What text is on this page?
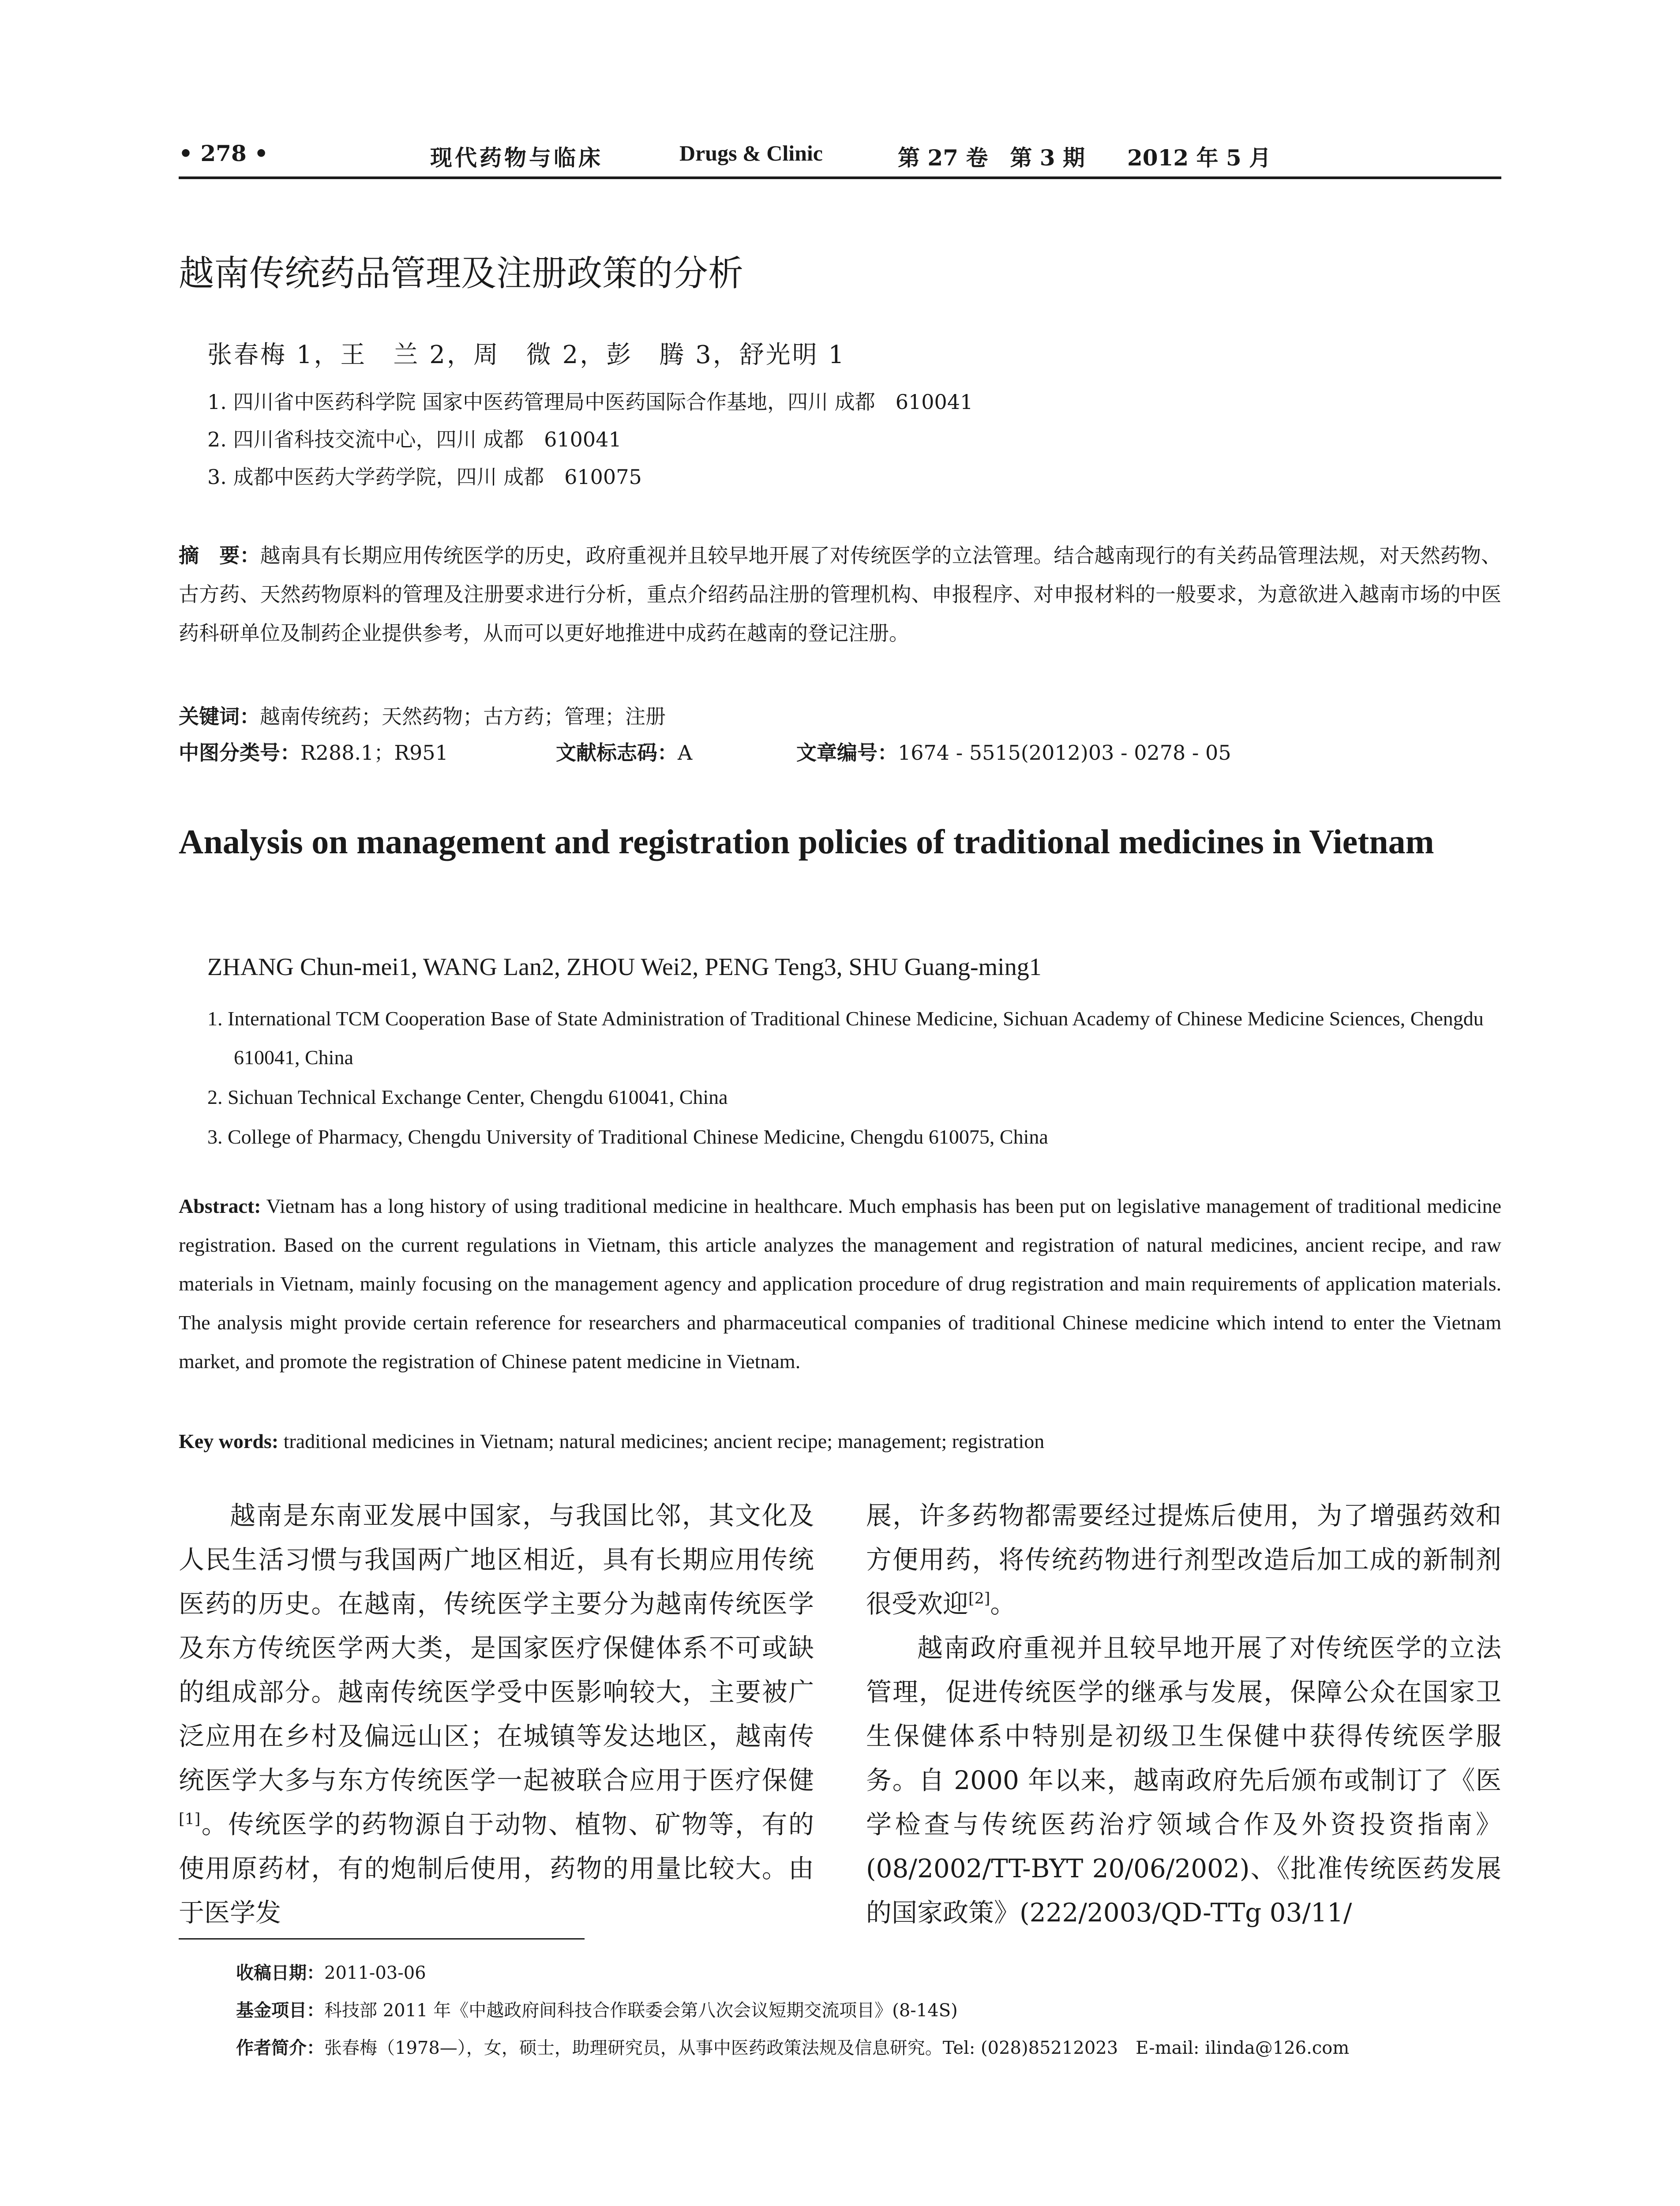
• 278 •	现代药物与临床	Drugs & Clinic	第 27 卷　第 3 期 2012 年 5 月
越南传统药品管理及注册政策的分析
张春梅 1，王　兰 2，周　微 2，彭　腾 3，舒光明 1
1. 四川省中医药科学院 国家中医药管理局中医药国际合作基地，四川 成都　610041
2. 四川省科技交流中心，四川 成都　610041
3. 成都中医药大学药学院，四川 成都　610075
摘　要：越南具有长期应用传统医学的历史，政府重视并且较早地开展了对传统医学的立法管理。结合越南现行的有关药品管理法规，对天然药物、古方药、天然药物原料的管理及注册要求进行分析，重点介绍药品注册的管理机构、申报程序、对申报材料的一般要求，为意欲进入越南市场的中医药科研单位及制药企业提供参考，从而可以更好地推进中成药在越南的登记注册。
关键词：越南传统药；天然药物；古方药；管理；注册
中图分类号：R288.1；R951	文献标志码：A	文章编号：1674 - 5515(2012)03 - 0278 - 05
Analysis on management and registration policies of traditional medicines in Vietnam
ZHANG Chun-mei1, WANG Lan2, ZHOU Wei2, PENG Teng3, SHU Guang-ming1
1. International TCM Cooperation Base of State Administration of Traditional Chinese Medicine, Sichuan Academy of Chinese Medicine Sciences, Chengdu 610041, China
2. Sichuan Technical Exchange Center, Chengdu 610041, China
3. College of Pharmacy, Chengdu University of Traditional Chinese Medicine, Chengdu 610075, China
Abstract: Vietnam has a long history of using traditional medicine in healthcare. Much emphasis has been put on legislative management of traditional medicine registration. Based on the current regulations in Vietnam, this article analyzes the management and registration of natural medicines, ancient recipe, and raw materials in Vietnam, mainly focusing on the management agency and application procedure of drug registration and main requirements of application materials. The analysis might provide certain reference for researchers and pharmaceutical companies of traditional Chinese medicine which intend to enter the Vietnam market, and promote the registration of Chinese patent medicine in Vietnam.
Key words: traditional medicines in Vietnam; natural medicines; ancient recipe; management; registration

越南是东南亚发展中国家，与我国比邻，其文化及人民生活习惯与我国两广地区相近，具有长期应用传统医药的历史。在越南，传统医学主要分为越南传统医学及东方传统医学两大类，是国家医疗保健体系不可或缺的组成部分。越南传统医学受中医影响较大，主要被广泛应用在乡村及偏远山区；在城镇等发达地区，越南传统医学大多与东方传统医学一起被联合应用于医疗保健[1]。传统医学的药物源自于动物、植物、矿物等，有的使用原药材，有的炮制后使用，药物的用量比较大。由于医学发

展，许多药物都需要经过提炼后使用，为了增强药效和方便用药，将传统药物进行剂型改造后加工成的新制剂很受欢迎[2]。

越南政府重视并且较早地开展了对传统医学的立法管理，促进传统医学的继承与发展，保障公众在国家卫生保健体系中特别是初级卫生保健中获得传统医学服务。自 2000 年以来，越南政府先后颁布或制订了《医学检查与传统医药治疗领域合作及外资投资指南》(08/2002/TT-BYT 20/06/2002)、《批准传统医药发展的国家政策》(222/2003/QD-TTg 03/11/

收稿日期：2011-03-06
基金项目：科技部 2011 年《中越政府间科技合作联委会第八次会议短期交流项目》(8-14S)
作者简介：张春梅（1978—），女，硕士，助理研究员，从事中医药政策法规及信息研究。Tel: (028)85212023　E-mail: ilinda@126.com
